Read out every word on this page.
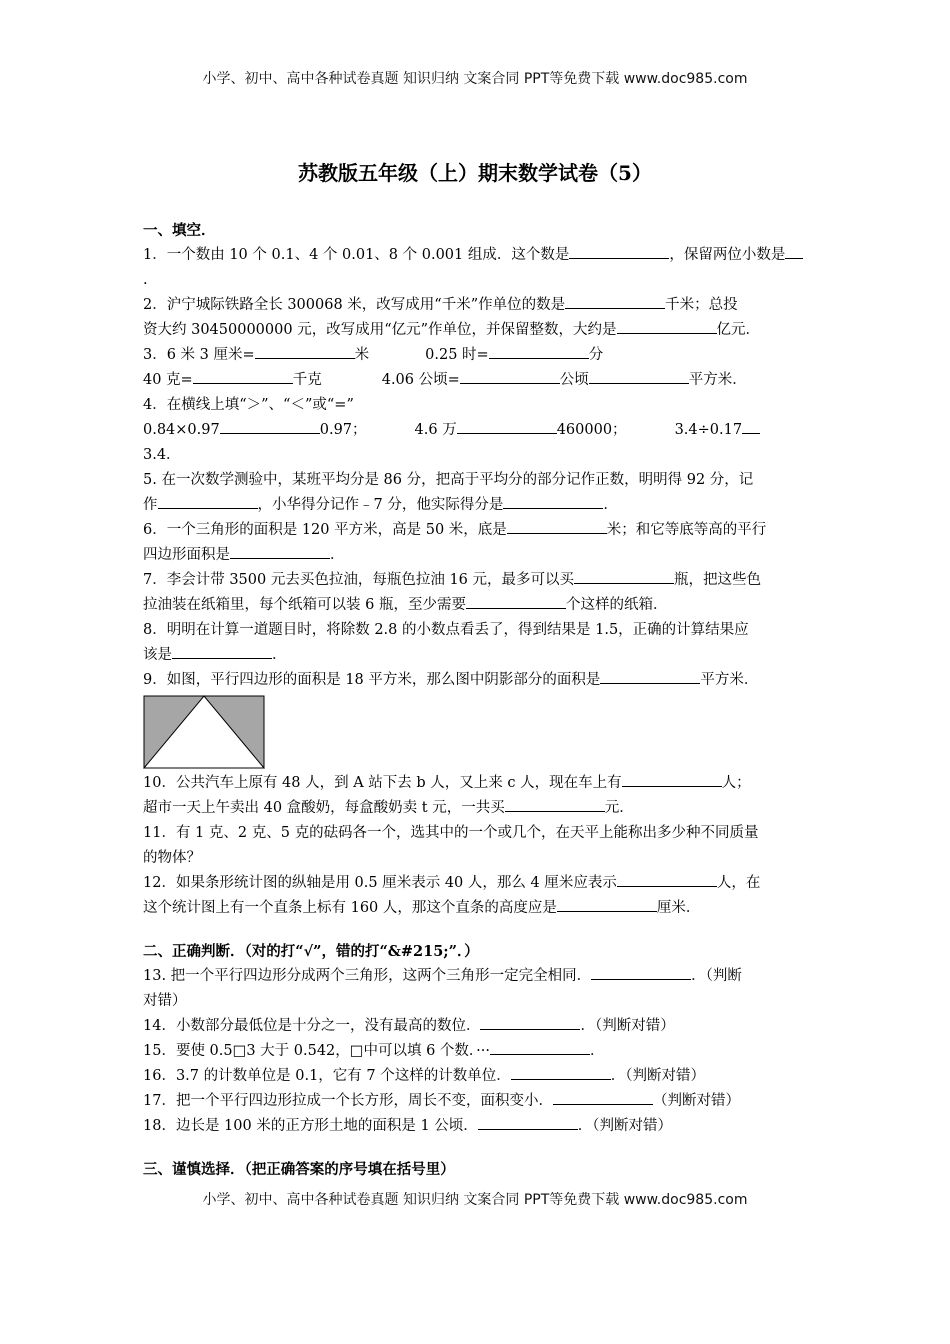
小学、初中、高中各种试卷真题 知识归纳 文案合同 PPT等免费下载 www.doc985.com
苏教版五年级（上）期末数学试卷（5）

一、填空．

1．一个数由 10 个 0.1、4 个 0.01、8 个 0.001 组成．这个数是	，保留两位小数是

.

2．沪宁城际铁路全长 300068 米，改写成用“千米”作单位的数是	千米；总投

资大约 30450000000 元，改写成用“亿元”作单位，并保留整数，大约是	亿元．

3．6 米 3 厘米=	米	0.25 时=	分

40 克=	千克	4.06 公顷=	公顷	平方米．

4．在横线上填“＞”、“＜”或“=”

0.84×0.97	0.97；	4.6 万	460000；	3.4÷0.17

3.4．

5. 在一次数学测验中，某班平均分是 86 分，把高于平均分的部分记作正数，明明得 92 分，记

作	，小华得分记作﹣7 分，他实际得分是	．

6．一个三角形的面积是 120 平方米，高是 50 米，底是	米；和它等底等高的平行

四边形面积是	．

7．李会计带 3500 元去买色拉油，每瓶色拉油 16 元，最多可以买	瓶，把这些色

拉油装在纸箱里，每个纸箱可以装 6 瓶，至少需要	个这样的纸箱．

8．明明在计算一道题目时，将除数 2.8 的小数点看丢了，得到结果是 1.5，正确的计算结果应

该是	．

9．如图，平行四边形的面积是 18 平方米，那么图中阴影部分的面积是	平方米．

10．公共汽车上原有 48 人，到 A 站下去 b 人，又上来 c 人，现在车上有	人；

超市一天上午卖出 40 盒酸奶，每盒酸奶卖 t 元，一共买	元．

11．有 1 克、2 克、5 克的砝码各一个，选其中的一个或几个，在天平上能称出多少种不同质量

的物体？

12．如果条形统计图的纵轴是用 0.5 厘米表示 40 人，那么 4 厘米应表示	人，在

这个统计图上有一个直条上标有 160 人，那这个直条的高度应是	厘米．

二、正确判断．（对的打“√”，错的打“&#215;”．）

13. 把一个平行四边形分成两个三角形，这两个三角形一定完全相同．	．（判断

对错）

14．小数部分最低位是十分之一，没有最高的数位．	．（判断对错）

15．要使 0.5□3 大于 0.542，□中可以填 6 个数．···	．

16．3.7 的计数单位是 0.1，它有 7 个这样的计数单位．	．（判断对错）

17．把一个平行四边形拉成一个长方形，周长不变，面积变小．	（判断对错）

18．边长是 100 米的正方形土地的面积是 1 公顷．	．（判断对错）

三、谨慎选择．（把正确答案的序号填在括号里）

小学、初中、高中各种试卷真题 知识归纳 文案合同 PPT等免费下载 www.doc985.com
